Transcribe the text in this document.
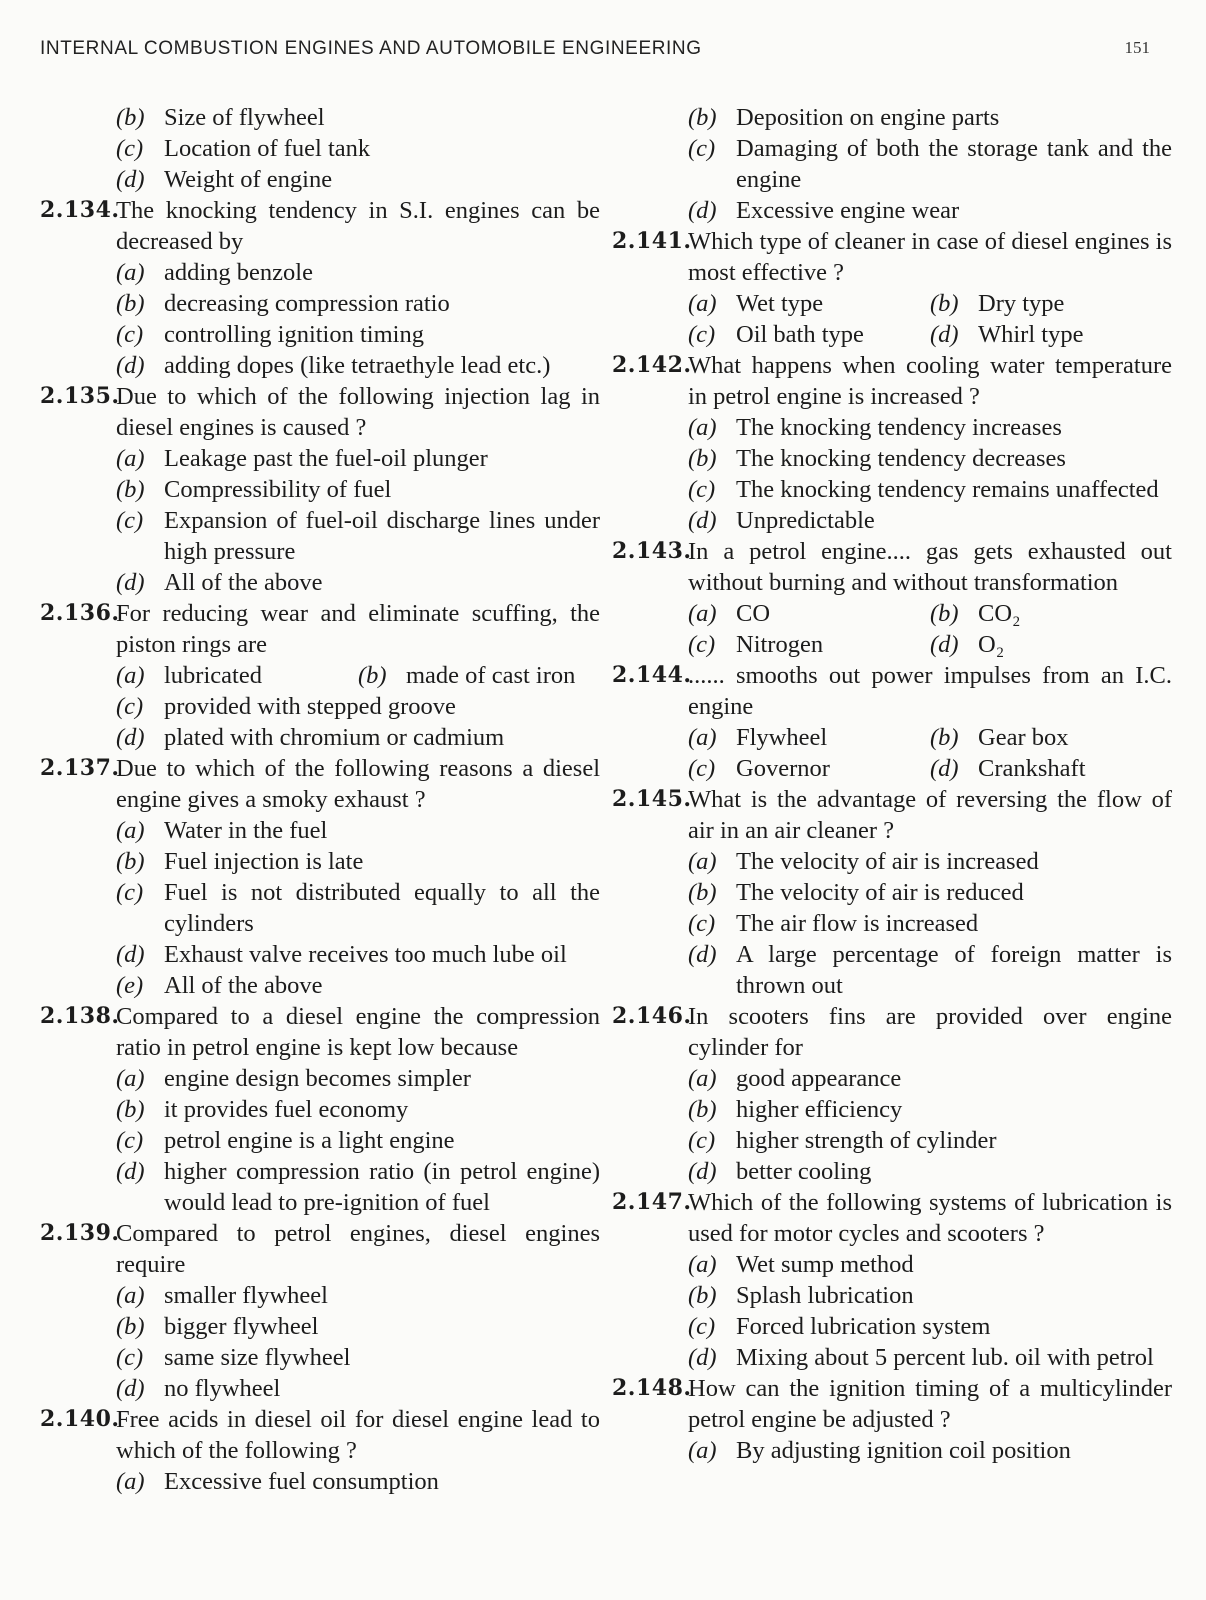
INTERNAL COMBUSTION ENGINES AND AUTOMOBILE ENGINEERING	151
(b) Size of flywheel
(c) Location of fuel tank
(d) Weight of engine
2.134.
The knocking tendency in S.I. engines can be decreased by
(a) adding benzole
(b) decreasing compression ratio
(c) controlling ignition timing
(d) adding dopes (like tetraethyle lead etc.)
2.135.
Due to which of the following injection lag in diesel engines is caused ?
(a) Leakage past the fuel-oil plunger
(b) Compressibility of fuel
(c) Expansion of fuel-oil discharge lines under high pressure
(d) All of the above
2.136.
For reducing wear and eliminate scuffing, the piston rings are
(a) lubricated	(b) made of cast iron
(c) provided with stepped groove
(d) plated with chromium or cadmium
2.137.
Due to which of the following reasons a diesel engine gives a smoky exhaust ?
(a) Water in the fuel
(b) Fuel injection is late
(c) Fuel is not distributed equally to all the cylinders
(d) Exhaust valve receives too much lube oil
(e) All of the above
2.138.
Compared to a diesel engine the compression ratio in petrol engine is kept low because
(a) engine design becomes simpler
(b) it provides fuel economy
(c) petrol engine is a light engine
(d) higher compression ratio (in petrol engine) would lead to pre-ignition of fuel
2.139.
Compared to petrol engines, diesel engines require
(a) smaller flywheel
(b) bigger flywheel
(c) same size flywheel
(d) no flywheel
2.140.
Free acids in diesel oil for diesel engine lead to which of the following ?
(a) Excessive fuel consumption
(b) Deposition on engine parts
(c) Damaging of both the storage tank and the engine
(d) Excessive engine wear
2.141.
Which type of cleaner in case of diesel engines is most effective ?
(a) Wet type	(b) Dry type
(c) Oil bath type	(d) Whirl type
2.142.
What happens when cooling water temperature in petrol engine is increased ?
(a) The knocking tendency increases
(b) The knocking tendency decreases
(c) The knocking tendency remains unaffected
(d) Unpredictable
2.143.
In a petrol engine.... gas gets exhausted out without burning and without transformation
(a) CO	(b) CO₂
(c) Nitrogen	(d) O₂
2.144.
...... smooths out power impulses from an I.C. engine
(a) Flywheel	(b) Gear box
(c) Governor	(d) Crankshaft
2.145.
What is the advantage of reversing the flow of air in an air cleaner ?
(a) The velocity of air is increased
(b) The velocity of air is reduced
(c) The air flow is increased
(d) A large percentage of foreign matter is thrown out
2.146.
In scooters fins are provided over engine cylinder for
(a) good appearance
(b) higher efficiency
(c) higher strength of cylinder
(d) better cooling
2.147.
Which of the following systems of lubrication is used for motor cycles and scooters ?
(a) Wet sump method
(b) Splash lubrication
(c) Forced lubrication system
(d) Mixing about 5 percent lub. oil with petrol
2.148.
How can the ignition timing of a multicylinder petrol engine be adjusted ?
(a) By adjusting ignition coil position
